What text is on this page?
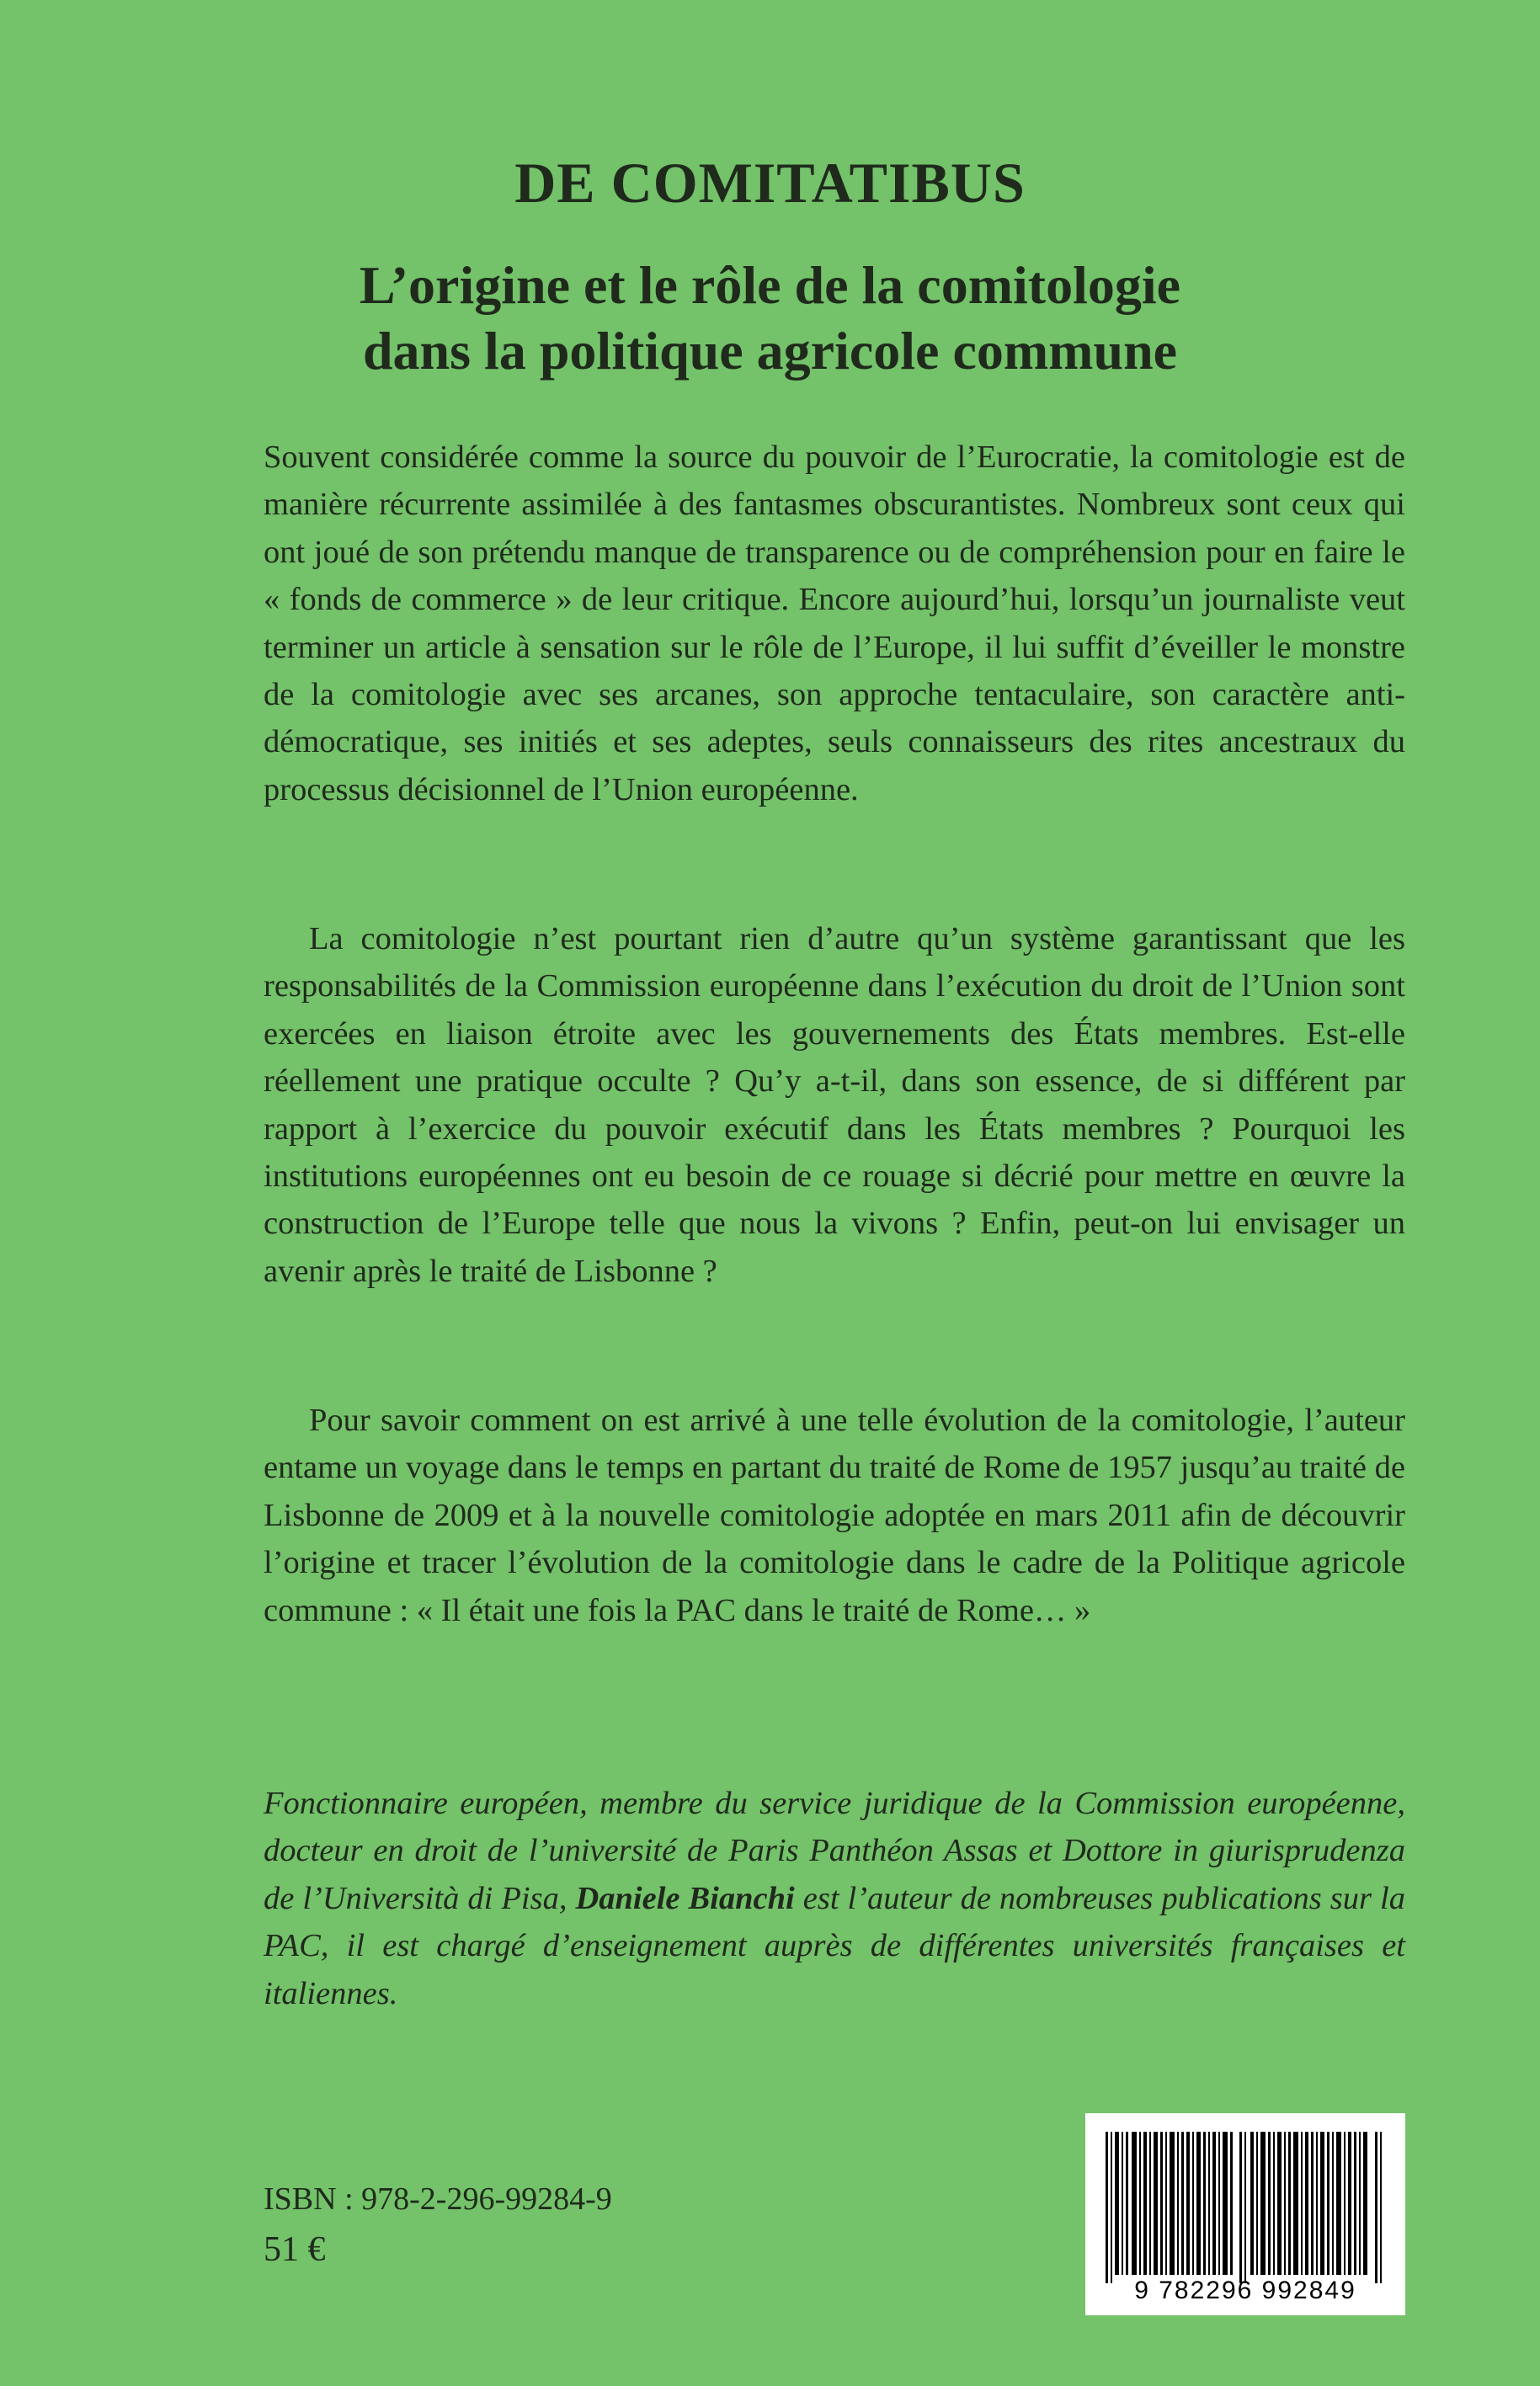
DE COMITATIBUS
L’origine et le rôle de la comitologie
dans la politique agricole commune

Souvent considérée comme la source du pouvoir de l’Eurocratie, la comitologie est de manière récurrente assimilée à des fantasmes obscurantistes. Nombreux sont ceux qui ont joué de son prétendu manque de transparence ou de compréhension pour en faire le « fonds de commerce » de leur critique. Encore aujourd’hui, lorsqu’un journaliste veut terminer un article à sensation sur le rôle de l’Europe, il lui suffit d’éveiller le monstre de la comitologie avec ses arcanes, son approche tentaculaire, son caractère anti-démocratique, ses initiés et ses adeptes, seuls connaisseurs des rites ancestraux du processus décisionnel de l’Union européenne.

La comitologie n’est pourtant rien d’autre qu’un système garantissant que les responsabilités de la Commission européenne dans l’exécution du droit de l’Union sont exercées en liaison étroite avec les gouvernements des États membres. Est-elle réellement une pratique occulte ? Qu’y a-t-il, dans son essence, de si différent par rapport à l’exercice du pouvoir exécutif dans les États membres ? Pourquoi les institutions européennes ont eu besoin de ce rouage si décrié pour mettre en œuvre la construction de l’Europe telle que nous la vivons ? Enfin, peut-on lui envisager un avenir après le traité de Lisbonne ?

Pour savoir comment on est arrivé à une telle évolution de la comitologie, l’auteur entame un voyage dans le temps en partant du traité de Rome de 1957 jusqu’au traité de Lisbonne de 2009 et à la nouvelle comitologie adoptée en mars 2011 afin de découvrir l’origine et tracer l’évolution de la comitologie dans le cadre de la Politique agricole commune : « Il était une fois la PAC dans le traité de Rome… »

Fonctionnaire européen, membre du service juridique de la Commission européenne, docteur en droit de l’université de Paris Panthéon Assas et Dottore in giurisprudenza de l’Università di Pisa, Daniele Bianchi est l’auteur de nombreuses publications sur la PAC, il est chargé d’enseignement auprès de différentes universités françaises et italiennes.

ISBN : 978-2-296-99284-9

51 €

9 782296 992849
